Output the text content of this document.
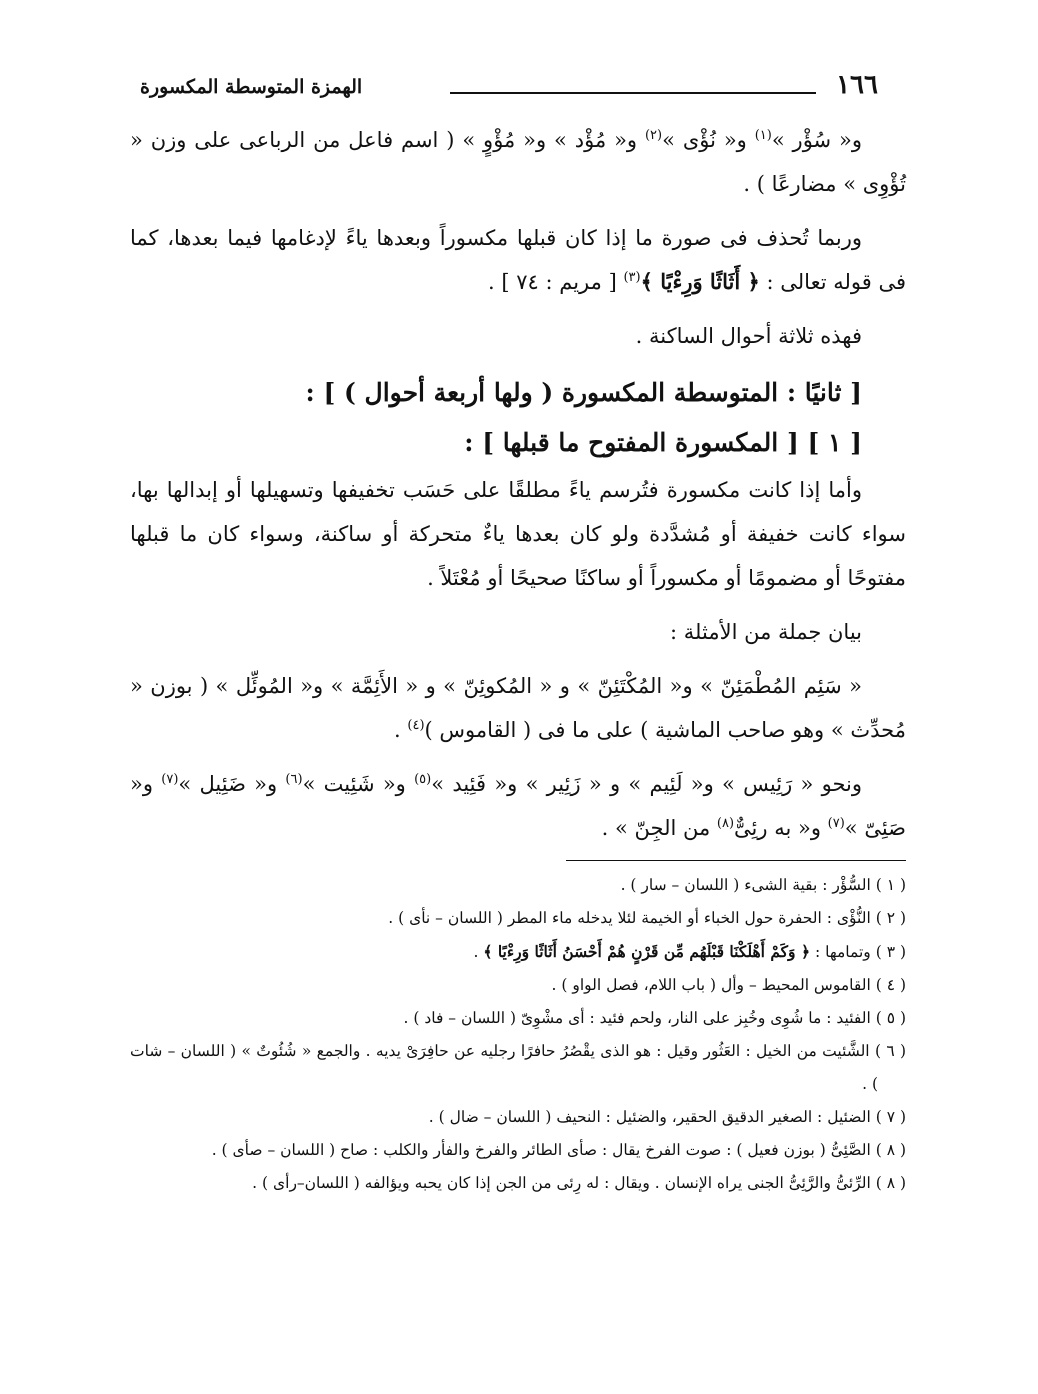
١٦٦
الهمزة المتوسطة المكسورة

و« سُؤْر »$^{(١)}$ و« نُؤْى »$^{(٢)}$ و« مُؤْد » و« مُؤْوٍ » ( اسم فاعل من الرباعى على وزن « تُؤْوِى » مضارعًا ) .

وربما تُحذف فى صورة ما إذا كان قبلها مكسوراً وبعدها ياءً لإدغامها فيما بعدها، كما فى قوله تعالى : ﴿ أَثَاثًا وَرِءْيًا ﴾$^{(٣)}$ [ مريم : ٧٤ ] .

فهذه ثلاثة أحوال الساكنة .

[ ثانيًا : المتوسطة المكسورة ( ولها أربعة أحوال ) ] :

[ ١ ] [ المكسورة المفتوح ما قبلها ] :

وأما إذا كانت مكسورة فتُرسم ياءً مطلقًا على حَسَب تخفيفها وتسهيلها أو إبدالها بها، سواء كانت خفيفة أو مُشدَّدة ولو كان بعدها ياءٌ متحركة أو ساكنة، وسواء كان ما قبلها مفتوحًا أو مضمومًا أو مكسوراً أو ساكنًا صحيحًا أو مُعْتَلاً .

بيان جملة من الأمثلة :

« سَئِم المُطْمَئِنّ » و« المُكْتَئِنّ » و « المُكوئِنّ » و « الأَئِمَّة » و« المُوئِّل » ( بوزن « مُحدِّث » وهو صاحب الماشية ) على ما فى ( القاموس )$^{(٤)}$ .

ونحو « رَئِيس » و« لَئِيم » و « زَئِير » و« فَئِيد »$^{(٥)}$ و« شَئِيت »$^{(٦)}$ و« ضَئِيل »$^{(٧)}$ و« صَئِىّ »$^{(٧)}$ و« به رئِىٌّ$^{(٨)}$ من الجِنّ » .

( ١ ) السُّؤْر : بقية الشىء ( اللسان – سار ) .

( ٢ ) النُّؤْى : الحفرة حول الخباء أو الخيمة لئلا يدخله ماء المطر ( اللسان – نأى ) .

( ٣ ) وتمامها : ﴿ وَكَمْ أَهْلَكْنَا قَبْلَهُم مِّن قَرْنٍ هُمْ أَحْسَنُ أَثَاثًا وَرِءْيًا ﴾ .

( ٤ ) القاموس المحيط – وأل ( باب اللام، فصل الواو ) .

( ٥ ) الفئيد : ما شُوِى وخُبِز على النار، ولحم فئيد : أى مشْوِىّ ( اللسان – فاد ) .

( ٦ ) الشَّئيت من الخيل : العَثُور وقيل : هو الذى يقْصُرُ حافرًا رجليه عن حافِرَىْ يديه . والجمع « شُئُوتٌ » ( اللسان – شات ) .

( ٧ ) الضئيل : الصغير الدقيق الحقير، والضئيل : النحيف ( اللسان – ضال ) .

( ٨ ) الصَّئِىُّ ( بوزن فعيل ) : صوت الفرخ يقال : صأى الطائر والفرخ والفأر والكلب : صاح ( اللسان – صأى ) .

( ٨ ) الرِّئىُّ والرَّئِىُّ الجنى يراه الإنسان . ويقال : له رِئى من الجن إذا كان يحبه ويؤالفه ( اللسان–رأى ) .
